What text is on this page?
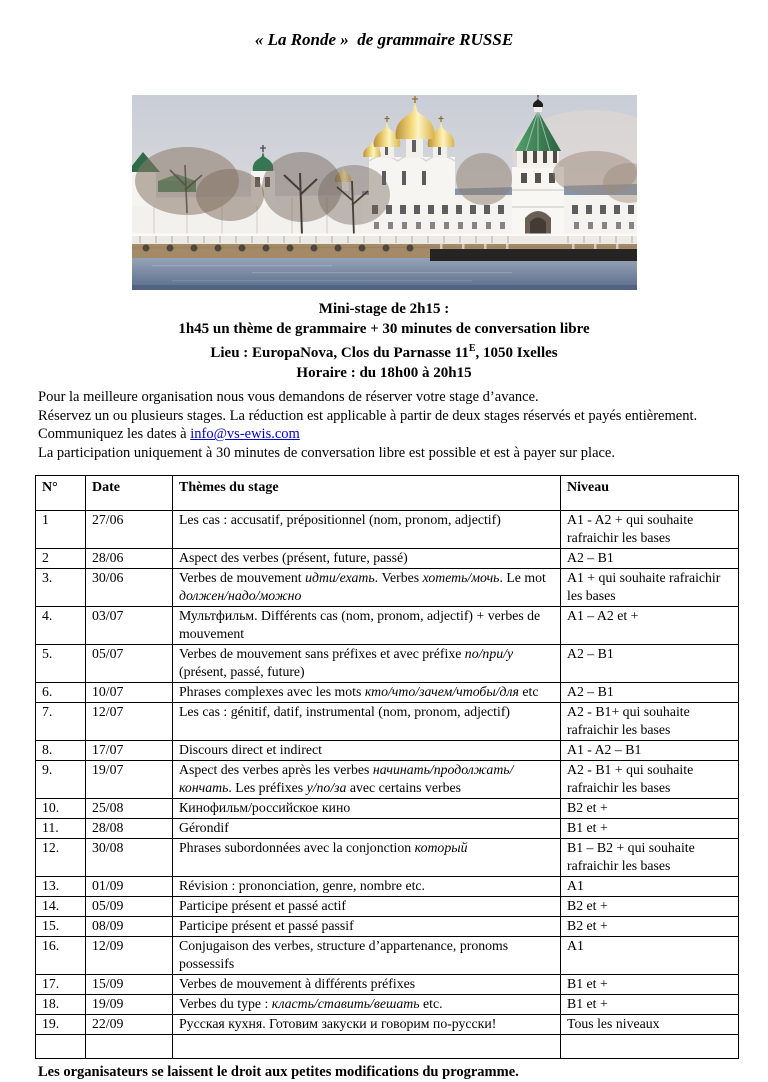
« La Ronde »  de grammaire RUSSE
Mini-stage de 2h15 :
1h45 un thème de grammaire + 30 minutes de conversation libre
Lieu : EuropaNova, Clos du Parnasse $11^E$, 1050 Ixelles
Horaire : du 18h00 à 20h15

Pour la meilleure organisation nous vous demandons de réserver votre stage d’avance.

Réservez un ou plusieurs stages. La réduction est applicable à partir de deux stages réservés et payés entièrement. Communiquez les dates à info@vs-ewis.com

La participation uniquement à 30 minutes de conversation libre est possible et est à payer sur place.

N°	Date	Thèmes du stage	Niveau
1	27/06	Les cas : accusatif, prépositionnel (nom, pronom, adjectif)	A1 - A2 + qui souhaite rafraichir les bases
2	28/06	Aspect des verbes (présent, future, passé)	A2 – B1
3.	30/06	Verbes de mouvement идти/ехать. Verbes хотеть/мочь. Le mot должен/надо/можно	A1 + qui souhaite rafraichir les bases
4.	03/07	Мультфильм. Différents cas (nom, pronom, adjectif) + verbes de mouvement	A1 – A2 et +
5.	05/07	Verbes de mouvement sans préfixes et avec préfixe по/при/у (présent, passé, future)	A2 – B1
6.	10/07	Phrases complexes avec les mots кто/что/зачем/чтобы/для etc	A2 – B1
7.	12/07	Les cas : génitif, datif, instrumental (nom, pronom, adjectif)	A2 - B1+ qui souhaite rafraichir les bases
8.	17/07	Discours direct et indirect	A1 - A2 – B1
9.	19/07	Aspect des verbes après les verbes начинать/продолжать/кончать. Les préfixes у/по/за avec certains verbes	A2 - B1 + qui souhaite rafraichir les bases
10.	25/08	Кинофильм/российское кино	B2 et +
11.	28/08	Gérondif	B1 et +
12.	30/08	Phrases subordonnées avec la conjonction который	B1 – B2 + qui souhaite rafraichir les bases
13.	01/09	Révision : prononciation, genre, nombre etc.	A1
14.	05/09	Participe présent et passé actif	B2 et +
15.	08/09	Participe présent et passé passif	B2 et +
16.	12/09	Conjugaison des verbes, structure d’appartenance, pronoms possessifs	A1
17.	15/09	Verbes de mouvement à différents préfixes	B1 et +
18.	19/09	Verbes du type : класть/ставить/вешать etc.	B1 et +
19.	22/09	Русская кухня. Готовим закуски и говорим по-русски!	Tous les niveaux

Les organisateurs se laissent le droit aux petites modifications du programme.
